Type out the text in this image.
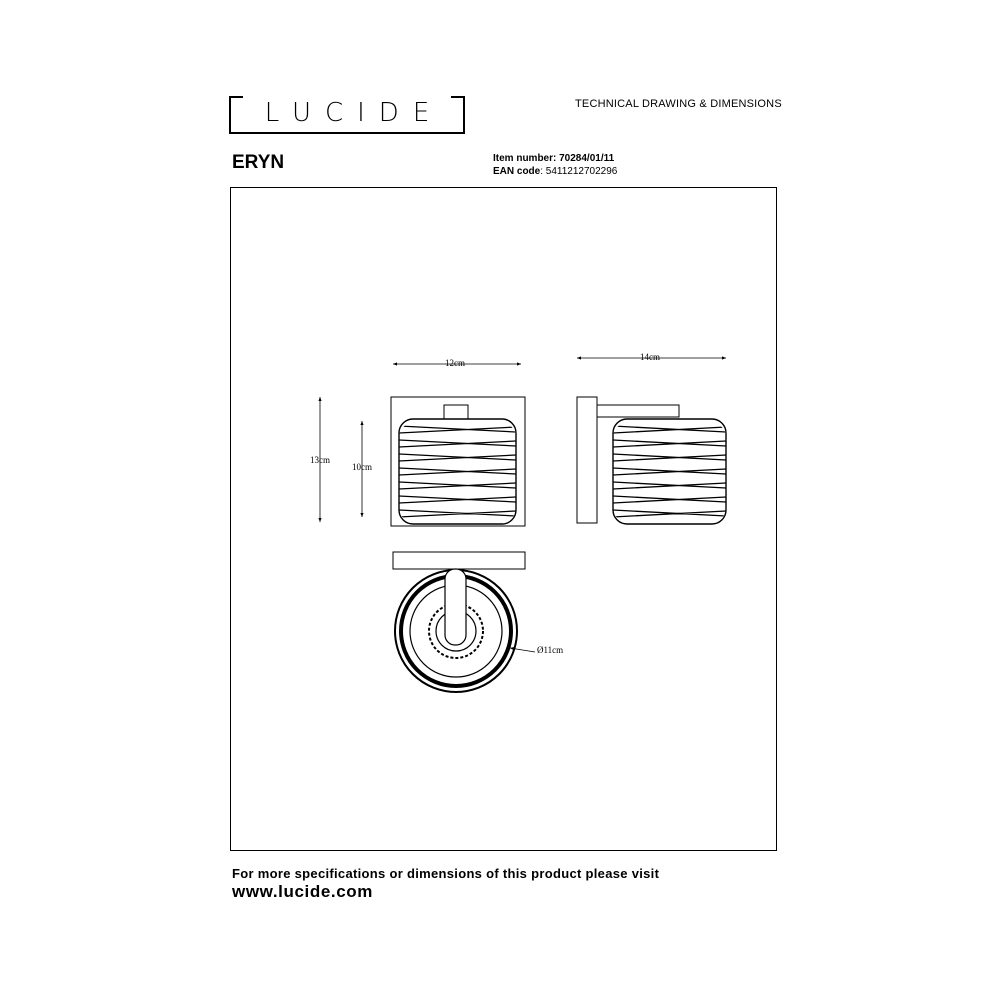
LUCIDE	TECHNICAL DRAWING & DIMENSIONS
ERYN	Item number: 70284/01/11
EAN code: 5411212702296
12cm
14cm
13cm
10cm
Ø11cm
For more specifications or dimensions of this product please visit
www.lucide.com
